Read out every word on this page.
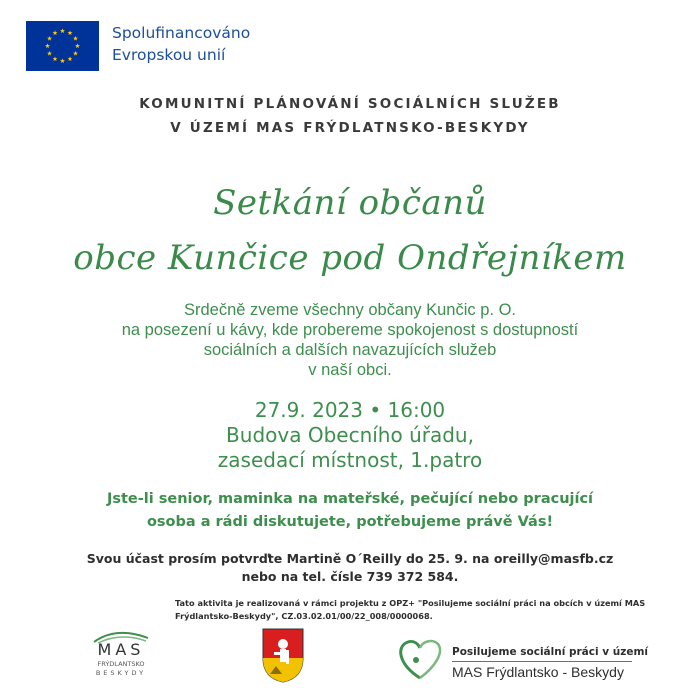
Spolufinancováno
Evropskou unií
KOMUNITNÍ PLÁNOVÁNÍ SOCIÁLNÍCH SLUŽEB
V ÚZEMÍ MAS FRÝDLATNSKO-BESKYDY
Setkání občanů
obce Kunčice pod Ondřejníkem
Srdečně zveme všechny občany Kunčic p. O.
na posezení u kávy, kde probereme spokojenost s dostupností
sociálních a dalších navazujících služeb
v naší obci.
27.9. 2023 • 16:00
Budova Obecního úřadu,
zasedací místnost, 1.patro
Jste-li senior, maminka na mateřské, pečující nebo pracující
osoba a rádi diskutujete, potřebujeme právě Vás!
Svou účast prosím potvrďte Martině O´Reilly do 25. 9. na oreilly@masfb.cz
nebo na tel. čísle 739 372 584.
Tato aktivita je realizovaná v rámci projektu z OPZ+ "Posilujeme sociální práci na obcích v území MAS
Frýdlantsko-Beskydy", CZ.03.02.01/00/22_008/0000068.
MAS
FRÝDLANTSKO
BESKYDY
Posilujeme sociální práci v území
MAS Frýdlantsko - Beskydy
